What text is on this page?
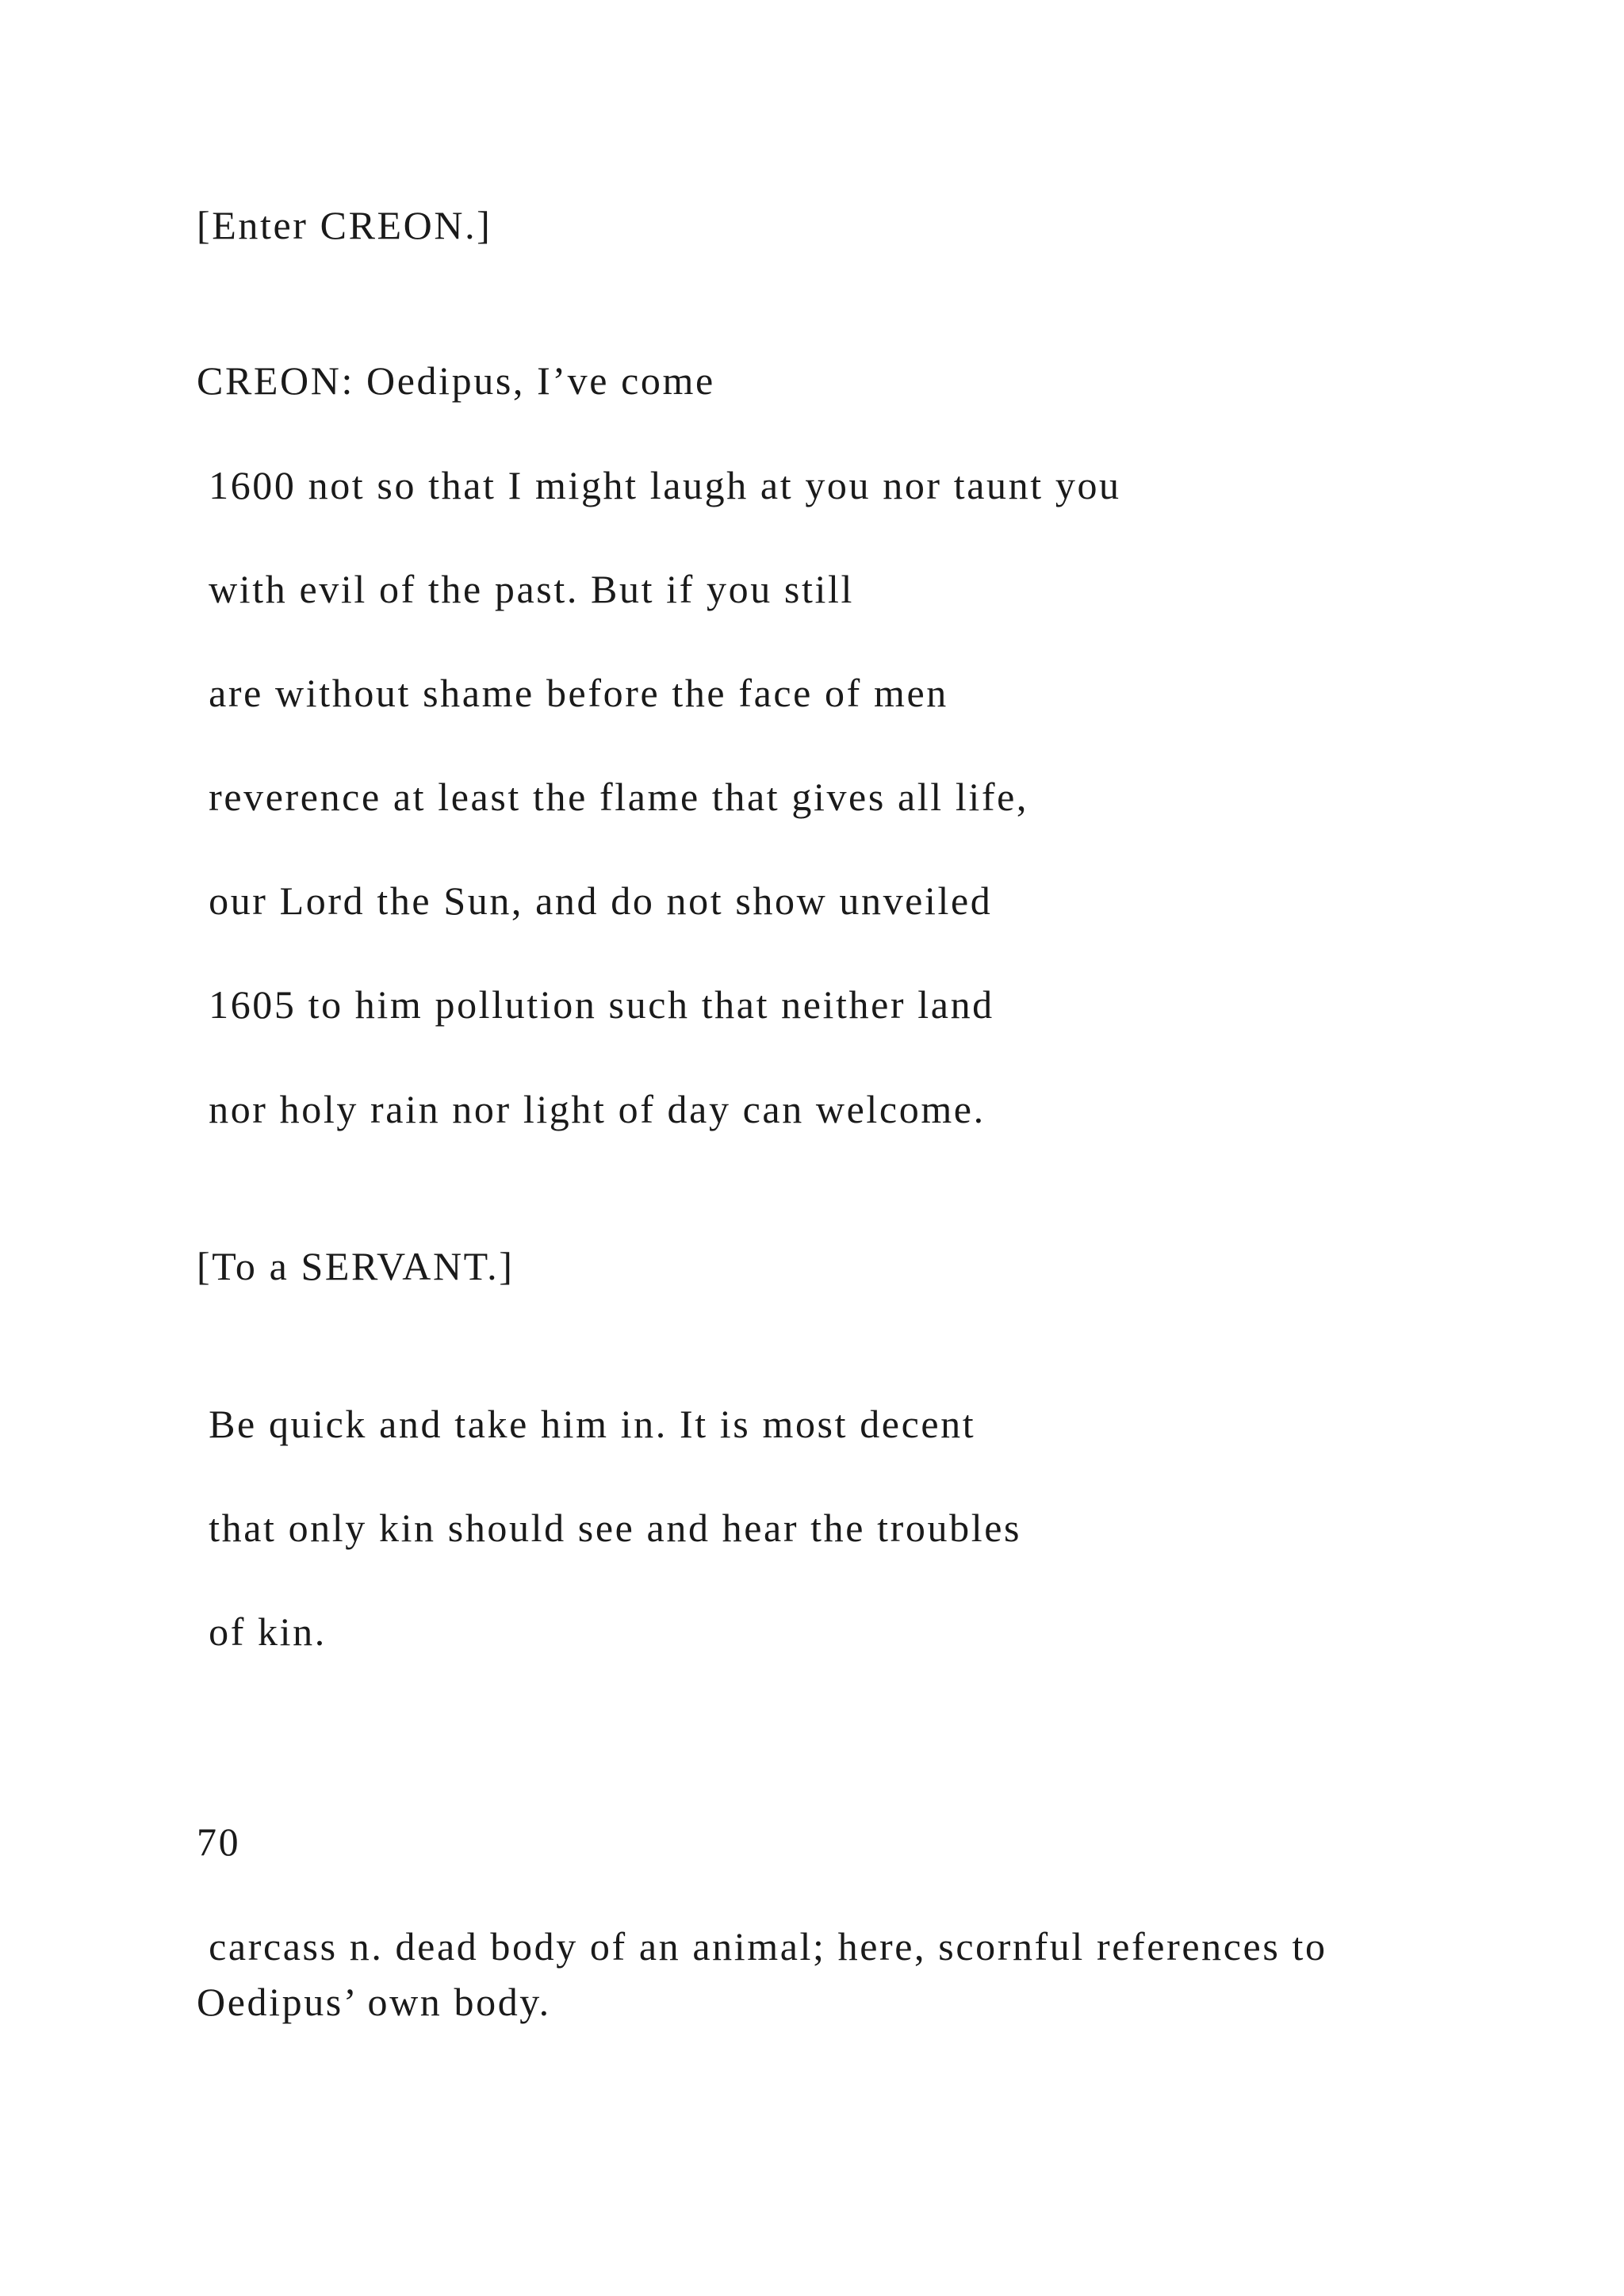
[Enter CREON.]

CREON: Oedipus, I’ve come

1600 not so that I might laugh at you nor taunt you

with evil of the past. But if you still

are without shame before the face of men

reverence at least the flame that gives all life,

our Lord the Sun, and do not show unveiled

1605 to him pollution such that neither land

nor holy rain nor light of day can welcome.

[To a SERVANT.]

Be quick and take him in. It is most decent

that only kin should see and hear the troubles

of kin.

70

carcass n. dead body of an animal; here, scornful references to Oedipus’ own body.
